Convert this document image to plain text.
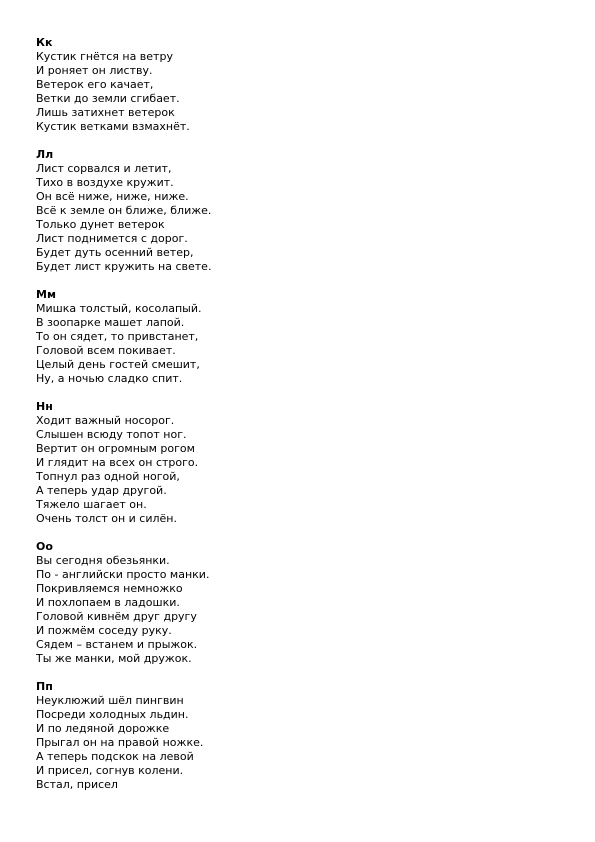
Кк
Кустик гнётся на ветру
И роняет он листву.
Ветерок его качает,
Ветки до земли сгибает.
Лишь затихнет ветерок
Кустик ветками взмахнёт.
Лл
Лист сорвался и летит,
Тихо в воздухе кружит.
Он всё ниже, ниже, ниже.
Всё к земле он ближе, ближе.
Только дунет ветерок
Лист поднимется с дорог.
Будет дуть осенний ветер,
Будет лист кружить на свете.
Мм
Мишка толстый, косолапый.
В зоопарке машет лапой.
То он сядет, то привстанет,
Головой всем покивает.
Целый день гостей смешит,
Ну, а ночью сладко спит.
Нн
Ходит важный носорог.
Слышен всюду топот ног.
Вертит он огромным рогом
И глядит на всех он строго.
Топнул раз одной ногой,
А теперь удар другой.
Тяжело шагает он.
Очень толст он и силён.
Оо
Вы сегодня обезьянки.
По - английски просто манки.
Покривляемся немножко
И похлопаем в ладошки.
Головой кивнём друг другу
И пожмём соседу руку.
Сядем – встанем и прыжок.
Ты же манки, мой дружок.
Пп
Неуклюжий шёл пингвин
Посреди холодных льдин.
И по ледяной дорожке
Прыгал он на правой ножке.
А теперь подскок на левой
И присел, согнув колени.
Встал, присел
